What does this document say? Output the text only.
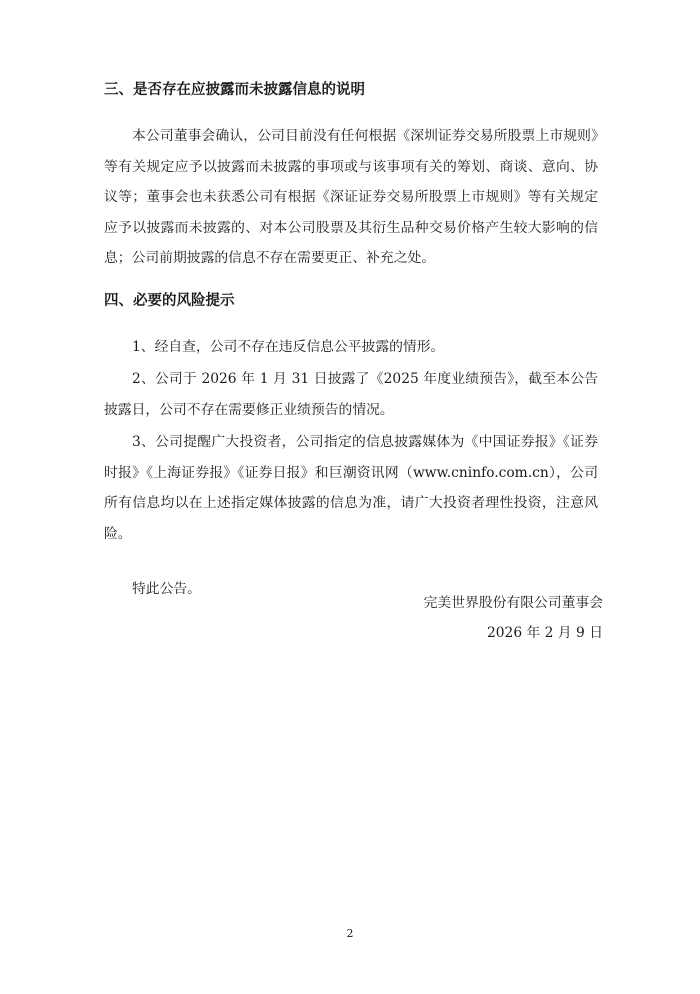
三、是否存在应披露而未披露信息的说明

本公司董事会确认，公司目前没有任何根据《深圳证券交易所股票上市规则》等有关规定应予以披露而未披露的事项或与该事项有关的筹划、商谈、意向、协议等；董事会也未获悉公司有根据《深证证券交易所股票上市规则》等有关规定应予以披露而未披露的、对本公司股票及其衍生品种交易价格产生较大影响的信息；公司前期披露的信息不存在需要更正、补充之处。

四、必要的风险提示

1、经自查，公司不存在违反信息公平披露的情形。

2、公司于 2026 年 1 月 31 日披露了《2025 年度业绩预告》，截至本公告披露日，公司不存在需要修正业绩预告的情况。

3、公司提醒广大投资者，公司指定的信息披露媒体为《中国证券报》《证券时报》《上海证券报》《证券日报》和巨潮资讯网（www.cninfo.com.cn），公司所有信息均以在上述指定媒体披露的信息为准，请广大投资者理性投资，注意风险。

特此公告。
完美世界股份有限公司董事会
2026 年 2 月 9 日
2
